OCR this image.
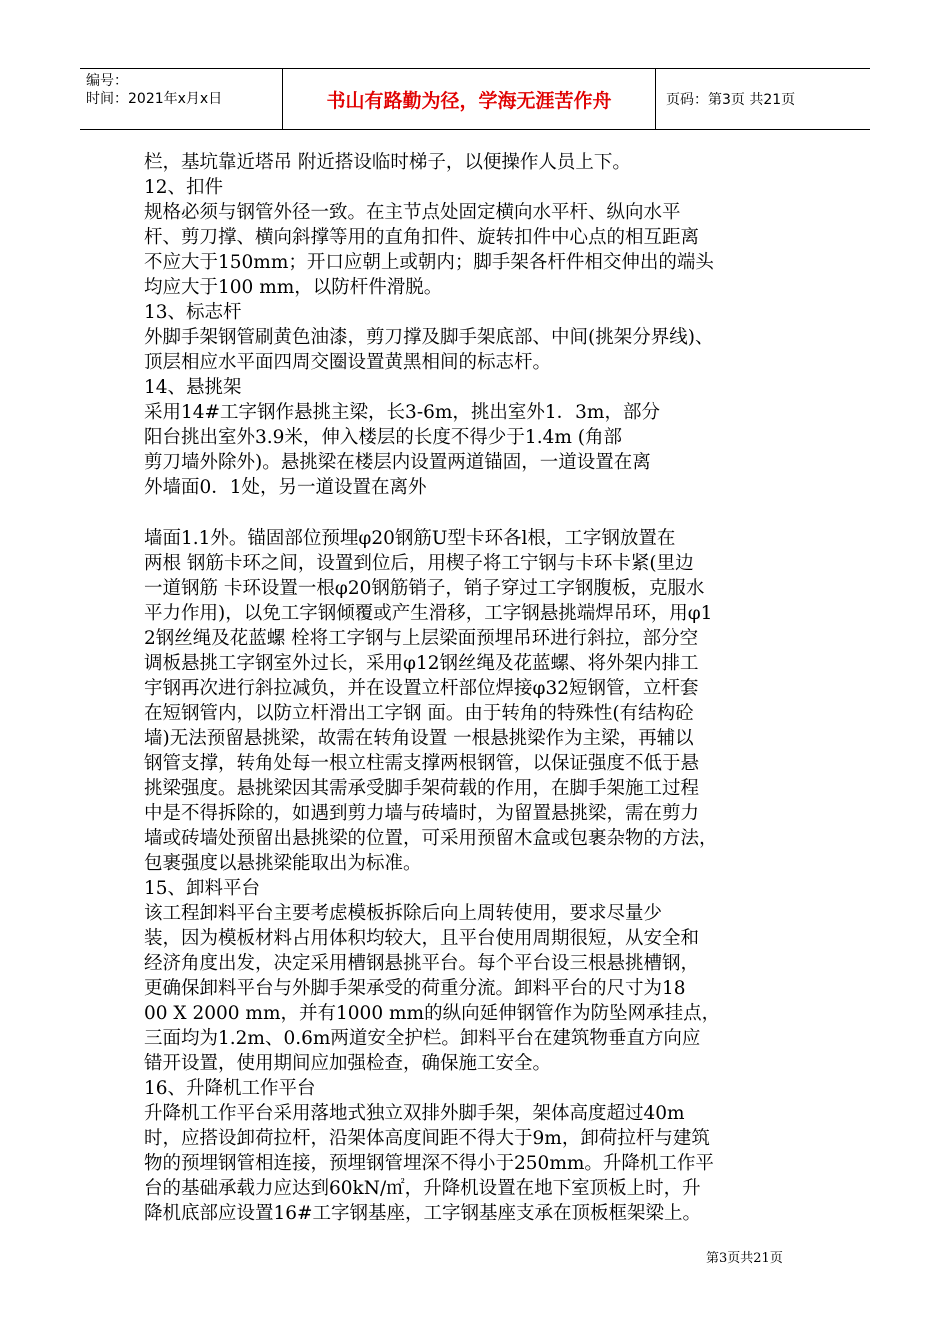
编号：
时间：2021年x月x日	书山有路勤为径，学海无涯苦作舟	页码：第3页 共21页
栏，基坑靠近塔吊 附近搭设临时梯子，以便操作人员上下。
12、扣件
规格必须与钢管外径一致。在主节点处固定横向水平杆、纵向水平
杆、剪刀撑、横向斜撑等用的直角扣件、旋转扣件中心点的相互距离
不应大于150mm；开口应朝上或朝内；脚手架各杆件相交伸出的端头
均应大于100 mm，以防杆件滑脱。
13、标志杆
外脚手架钢管刷黄色油漆，剪刀撑及脚手架底部、中间(挑架分界线)、
顶层相应水平面四周交圈设置黄黑相间的标志杆。
14、悬挑架
采用14#工字钢作悬挑主梁，长3-6m，挑出室外1．3m，部分
阳台挑出室外3.9米，伸入楼层的长度不得少于1.4m (角部
剪刀墙外除外)。悬挑梁在楼层内设置两道锚固，一道设置在离
外墙面0．1处，另一道设置在离外
墙面1.1外。锚固部位预埋φ20钢筋U型卡环各l根，工字钢放置在
两根 钢筋卡环之间，设置到位后，用楔子将工宁钢与卡环卡紧(里边
一道钢筋 卡环设置一根φ20钢筋销子，销子穿过工字钢腹板，克服水
平力作用)，以免工字钢倾覆或产生滑移，工字钢悬挑端焊吊环，用φ1
2钢丝绳及花蓝螺 栓将工字钢与上层梁面预埋吊环进行斜拉，部分空
调板悬挑工字钢室外过长，采用φ12钢丝绳及花蓝螺、将外架内排工
宇钢再次进行斜拉减负，并在设置立杆部位焊接φ32短钢管，立杆套
在短钢管内，以防立杆滑出工字钢 面。由于转角的特殊性(有结构砼
墙)无法预留悬挑梁，故需在转角设置 一根悬挑梁作为主梁，再辅以
钢管支撑，转角处每一根立柱需支撑两根钢管，以保证强度不低于悬
挑梁强度。悬挑梁因其需承受脚手架荷载的作用，在脚手架施工过程
中是不得拆除的，如遇到剪力墙与砖墙时，为留置悬挑梁，需在剪力
墙或砖墙处预留出悬挑梁的位置，可采用预留木盒或包裹杂物的方法，
包裹强度以悬挑梁能取出为标准。
15、卸料平台
该工程卸料平台主要考虑模板拆除后向上周转使用，要求尽量少
装，因为模板材料占用体积均较大，且平台使用周期很短，从安全和
经济角度出发，决定采用槽钢悬挑平台。每个平台设三根悬挑槽钢，
更确保卸料平台与外脚手架承受的荷重分流。卸料平台的尺寸为18
00 X 2000 mm，并有1000 mm的纵向延伸钢管作为防坠网承挂点，
三面均为1.2m、0.6m两道安全护栏。卸料平台在建筑物垂直方向应
错开设置，使用期间应加强检查，确保施工安全。
16、升降机工作平台
升降机工作平台采用落地式独立双排外脚手架，架体高度超过40m
时，应搭设卸荷拉杆，沿架体高度间距不得大于9m，卸荷拉杆与建筑
物的预埋钢管相连接，预埋钢管埋深不得小于250mm。升降机工作平
台的基础承载力应达到60kN/㎡，升降机设置在地下室顶板上时，升
降机底部应设置16#工字钢基座，工字钢基座支承在顶板框架梁上。
第3页共21页
